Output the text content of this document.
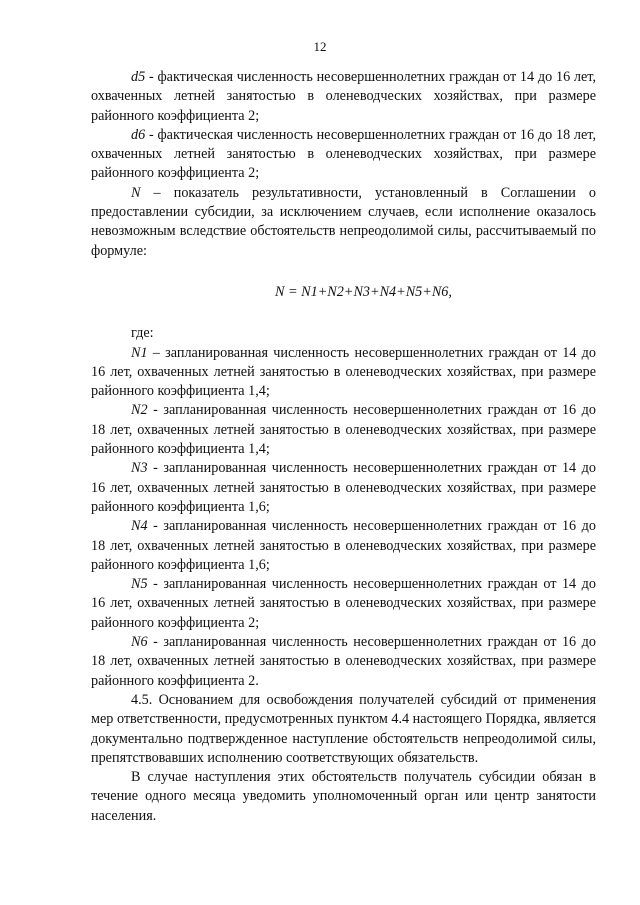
12

d5 - фактическая численность несовершеннолетних граждан от 14 до 16 лет, охваченных летней занятостью в оленеводческих хозяйствах, при размере районного коэффициента 2;

d6 - фактическая численность несовершеннолетних граждан от 16 до 18 лет, охваченных летней занятостью в оленеводческих хозяйствах, при размере районного коэффициента 2;

N – показатель результативности, установленный в Соглашении о предоставлении субсидии, за исключением случаев, если исполнение оказалось невозможным вследствие обстоятельств непреодолимой силы, рассчитываемый по формуле:

N = N1+N2+N3+N4+N5+N6,

где:

N1 – запланированная численность несовершеннолетних граждан от 14 до 16 лет, охваченных летней занятостью в оленеводческих хозяйствах, при размере районного коэффициента 1,4;

N2 - запланированная численность несовершеннолетних граждан от 16 до 18 лет, охваченных летней занятостью в оленеводческих хозяйствах, при размере районного коэффициента 1,4;

N3 - запланированная численность несовершеннолетних граждан от 14 до 16 лет, охваченных летней занятостью в оленеводческих хозяйствах, при размере районного коэффициента 1,6;

N4 - запланированная численность несовершеннолетних граждан от 16 до 18 лет, охваченных летней занятостью в оленеводческих хозяйствах, при размере районного коэффициента 1,6;

N5 - запланированная численность несовершеннолетних граждан от 14 до 16 лет, охваченных летней занятостью в оленеводческих хозяйствах, при размере районного коэффициента 2;

N6 - запланированная численность несовершеннолетних граждан от 16 до 18 лет, охваченных летней занятостью в оленеводческих хозяйствах, при размере районного коэффициента 2.

4.5. Основанием для освобождения получателей субсидий от применения мер ответственности, предусмотренных пунктом 4.4 настоящего Порядка, является документально подтвержденное наступление обстоятельств непреодолимой силы, препятствовавших исполнению соответствующих обязательств.

В случае наступления этих обстоятельств получатель субсидии обязан в течение одного месяца уведомить уполномоченный орган или центр занятости населения.
